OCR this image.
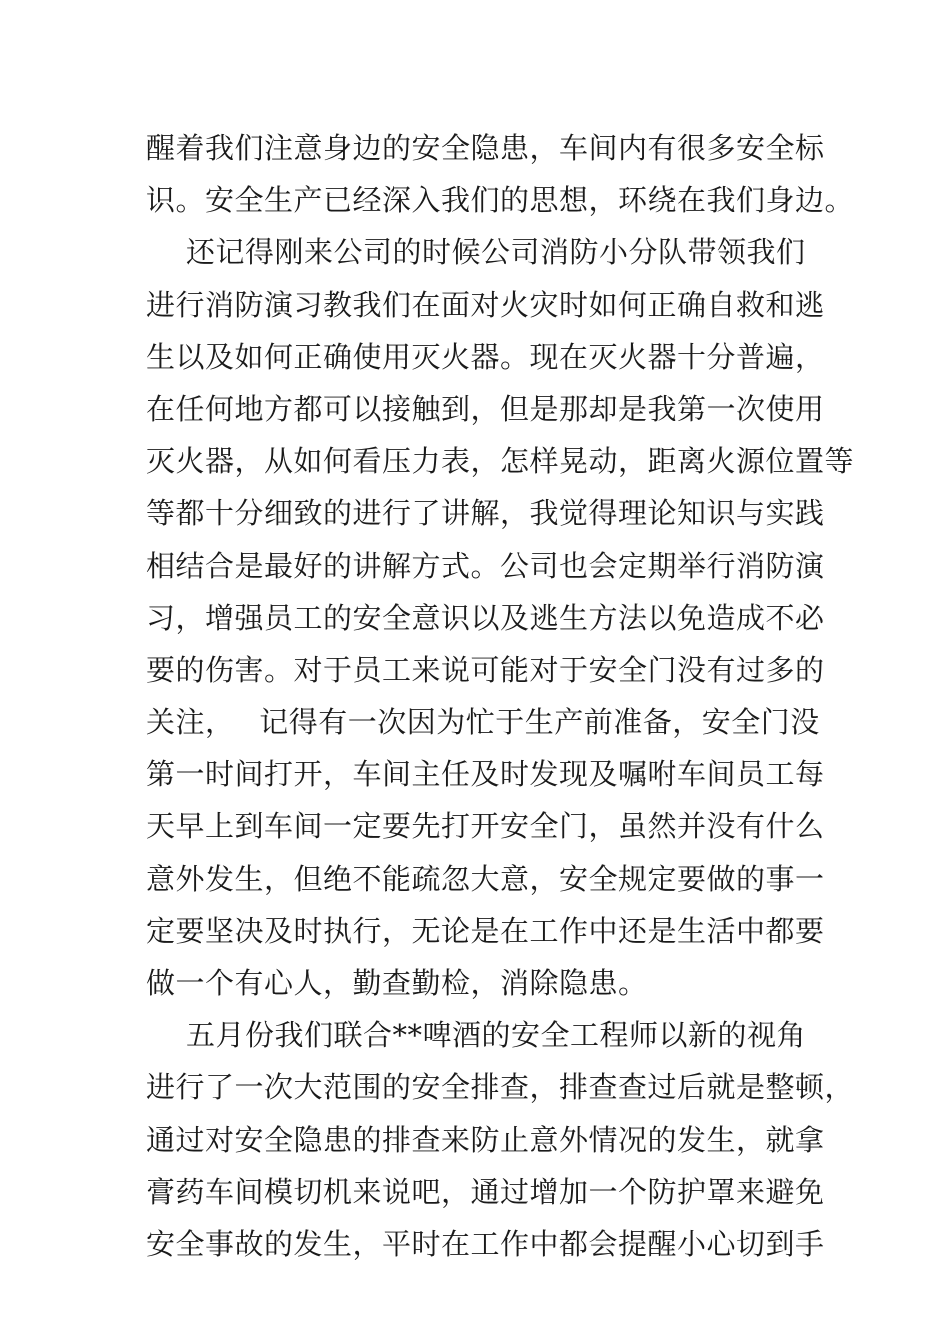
醒着我们注意身边的安全隐患，车间内有很多安全标
识。安全生产已经深入我们的思想，环绕在我们身边。
还记得刚来公司的时候公司消防小分队带领我们
进行消防演习教我们在面对火灾时如何正确自救和逃
生以及如何正确使用灭火器。现在灭火器十分普遍，
在任何地方都可以接触到，但是那却是我第一次使用
灭火器，从如何看压力表，怎样晃动，距离火源位置等
等都十分细致的进行了讲解，我觉得理论知识与实践
相结合是最好的讲解方式。公司也会定期举行消防演
习，增强员工的安全意识以及逃生方法以免造成不必
要的伤害。对于员工来说可能对于安全门没有过多的
关注，　 记得有一次因为忙于生产前准备，安全门没
第一时间打开，车间主任及时发现及嘱咐车间员工每
天早上到车间一定要先打开安全门，虽然并没有什么
意外发生，但绝不能疏忽大意，安全规定要做的事一
定要坚决及时执行，无论是在工作中还是生活中都要
做一个有心人，勤查勤检，消除隐患。
五月份我们联合**啤酒的安全工程师以新的视角
进行了一次大范围的安全排查，排查查过后就是整顿，
通过对安全隐患的排查来防止意外情况的发生，就拿
膏药车间模切机来说吧，通过增加一个防护罩来避免
安全事故的发生，平时在工作中都会提醒小心切到手
